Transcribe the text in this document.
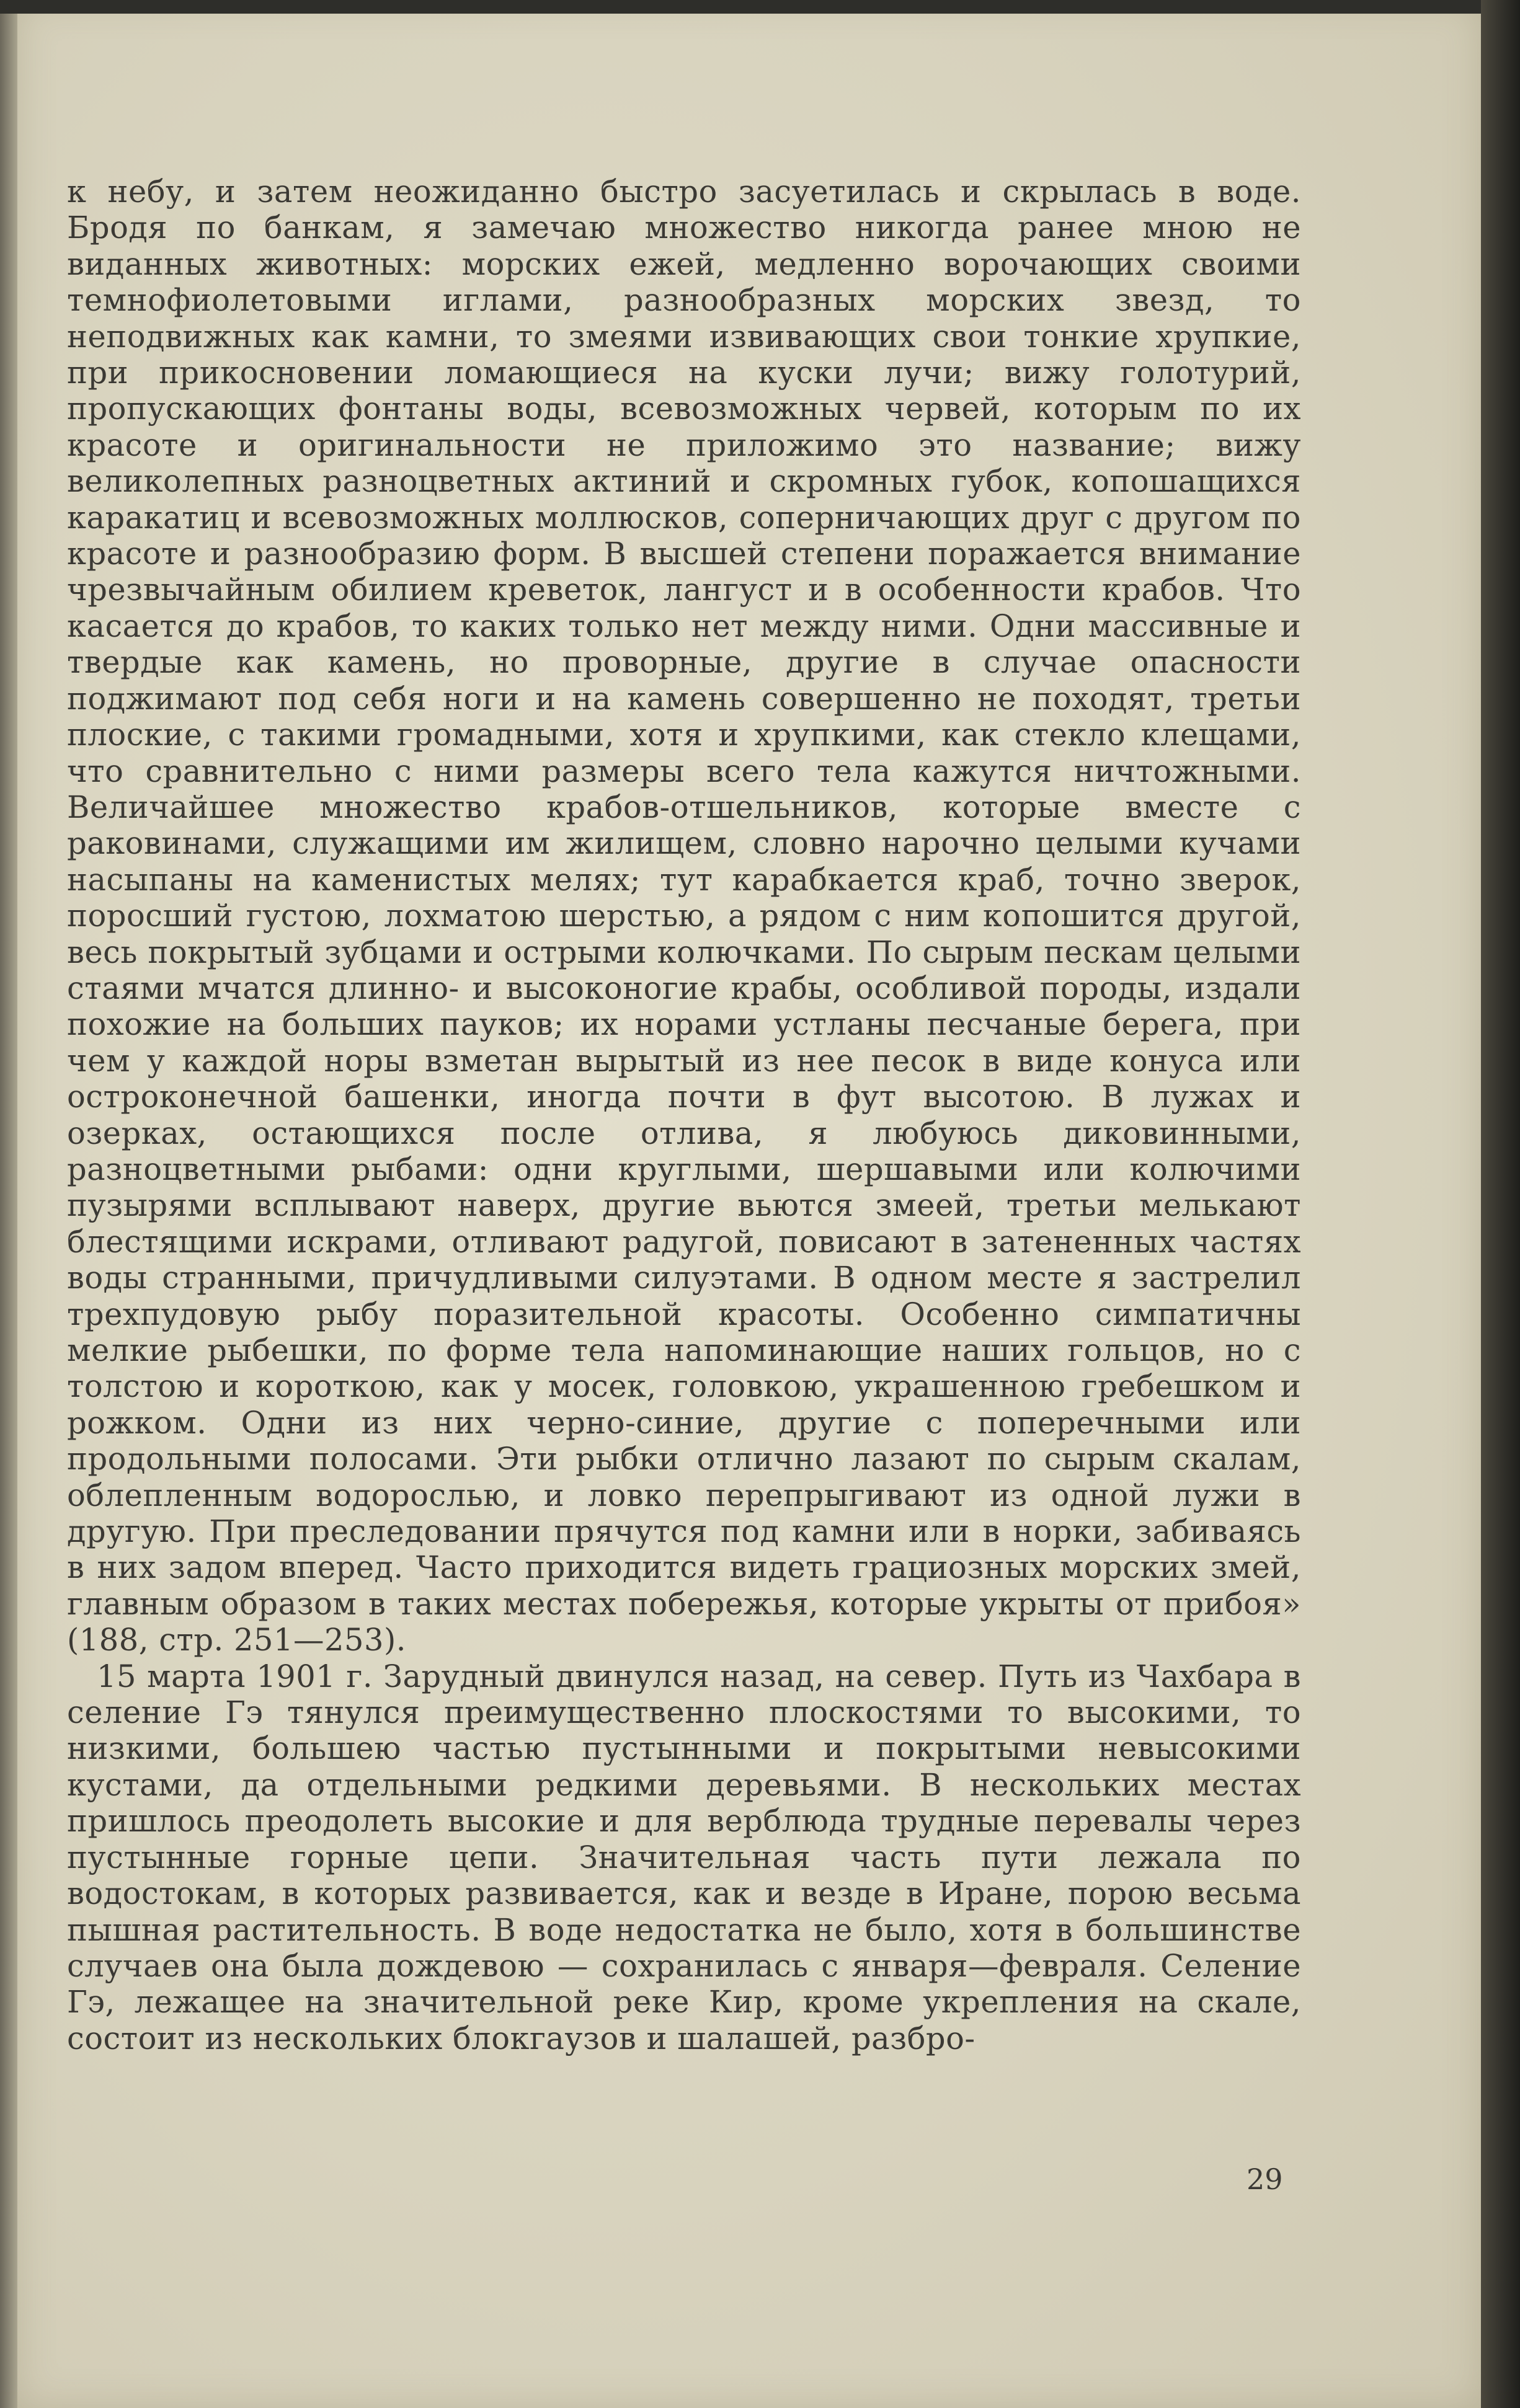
к небу, и затем неожиданно быстро засуетилась и скрылась в воде. Бродя по банкам, я замечаю множество никогда ранее мною не виданных животных: морских ежей, медленно ворочающих своими темнофиолетовыми иглами, разнообразных морских звезд, то неподвижных как камни, то змеями извивающих свои тонкие хрупкие, при прикосновении ломающиеся на куски лучи; вижу голотурий, пропускающих фонтаны воды, всевозможных червей, которым по их красоте и оригинальности не приложимо это название; вижу великолепных разноцветных актиний и скромных губок, копошащихся каракатиц и всевозможных моллюсков, соперничающих друг с другом по красоте и разнообразию форм. В высшей степени поражается внимание чрезвычайным обилием креветок, лангуст и в особенности крабов. Что касается до крабов, то каких только нет между ними. Одни массивные и твердые как камень, но проворные, другие в случае опасности поджимают под себя ноги и на камень совершенно не походят, третьи плоские, с такими громадными, хотя и хрупкими, как стекло клещами, что сравнительно с ними размеры всего тела кажутся ничтожными. Величайшее множество крабов-отшельников, которые вместе с раковинами, служащими им жилищем, словно нарочно целыми кучами насыпаны на каменистых мелях; тут карабкается краб, точно зверок, поросший густою, лохматою шерстью, а рядом с ним копошится другой, весь покрытый зубцами и острыми колючками. По сырым пескам целыми стаями мчатся длинно- и высоконогие крабы, особливой породы, издали похожие на больших пауков; их норами устланы песчаные берега, при чем у каждой норы взметан вырытый из нее песок в виде конуса или остроконечной башенки, иногда почти в фут высотою. В лужах и озерках, остающихся после отлива, я любуюсь диковинными, разноцветными рыбами: одни круглыми, шершавыми или колючими пузырями всплывают наверх, другие вьются змеей, третьи мелькают блестящими искрами, отливают радугой, повисают в затененных частях воды странными, причудливыми силуэтами. В одном месте я застрелил трехпудовую рыбу поразительной красоты. Особенно симпатичны мелкие рыбешки, по форме тела напоминающие наших гольцов, но с толстою и короткою, как у мосек, головкою, украшенною гребешком и рожком. Одни из них черно-синие, другие с поперечными или продольными полосами. Эти рыбки отлично лазают по сырым скалам, облепленным водорослью, и ловко перепрыгивают из одной лужи в другую. При преследовании прячутся под камни или в норки, забиваясь в них задом вперед. Часто приходится видеть грациозных морских змей, главным образом в таких местах побережья, которые укрыты от прибоя» (188, стр. 251—253).

15 марта 1901 г. Зарудный двинулся назад, на север. Путь из Чахбара в селение Гэ тянулся преимущественно плоскостями то высокими, то низкими, большею частью пустынными и покрытыми невысокими кустами, да отдельными редкими деревьями. В нескольких местах пришлось преодолеть высокие и для верблюда трудные перевалы через пустынные горные цепи. Значительная часть пути лежала по водостокам, в которых развивается, как и везде в Иране, порою весьма пышная растительность. В воде недостатка не было, хотя в большинстве случаев она была дождевою — сохранилась с января—февраля. Селение Гэ, лежащее на значительной реке Кир, кроме укрепления на скале, состоит из нескольких блокгаузов и шалашей, разбро-

29
